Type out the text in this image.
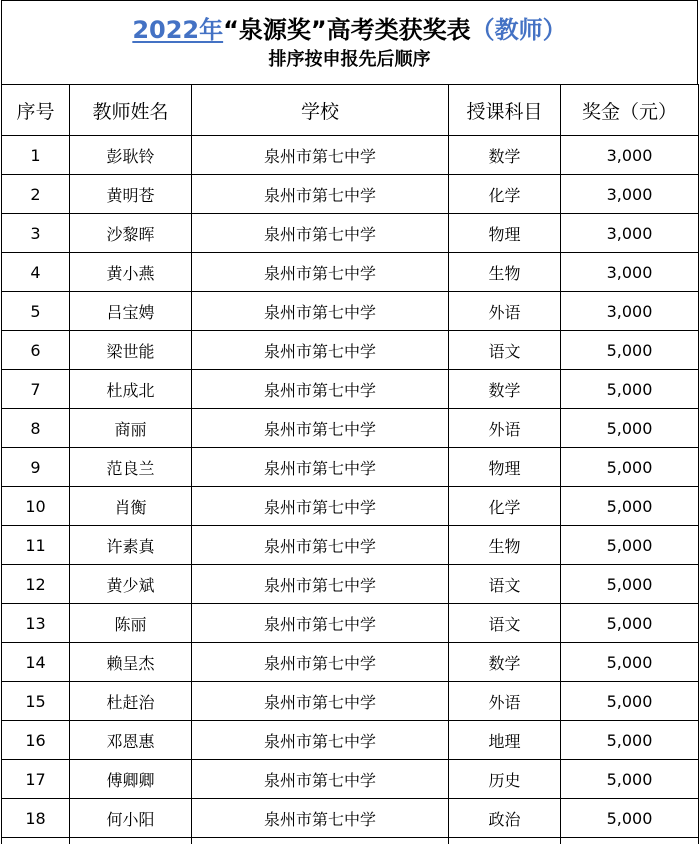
2022年“泉源奖”高考类获奖表（教师）
排序按申报先后顺序
序号	教师姓名	学校	授课科目	奖金（元）
1	彭耿铃	泉州市第七中学	数学	3,000
2	黄明苍	泉州市第七中学	化学	3,000
3	沙黎晖	泉州市第七中学	物理	3,000
4	黄小燕	泉州市第七中学	生物	3,000
5	吕宝娉	泉州市第七中学	外语	3,000
6	梁世能	泉州市第七中学	语文	5,000
7	杜成北	泉州市第七中学	数学	5,000
8	商丽	泉州市第七中学	外语	5,000
9	范良兰	泉州市第七中学	物理	5,000
10	肖衡	泉州市第七中学	化学	5,000
11	许素真	泉州市第七中学	生物	5,000
12	黄少斌	泉州市第七中学	语文	5,000
13	陈丽	泉州市第七中学	语文	5,000
14	赖呈杰	泉州市第七中学	数学	5,000
15	杜赶治	泉州市第七中学	外语	5,000
16	邓恩惠	泉州市第七中学	地理	5,000
17	傅卿卿	泉州市第七中学	历史	5,000
18	何小阳	泉州市第七中学	政治	5,000
